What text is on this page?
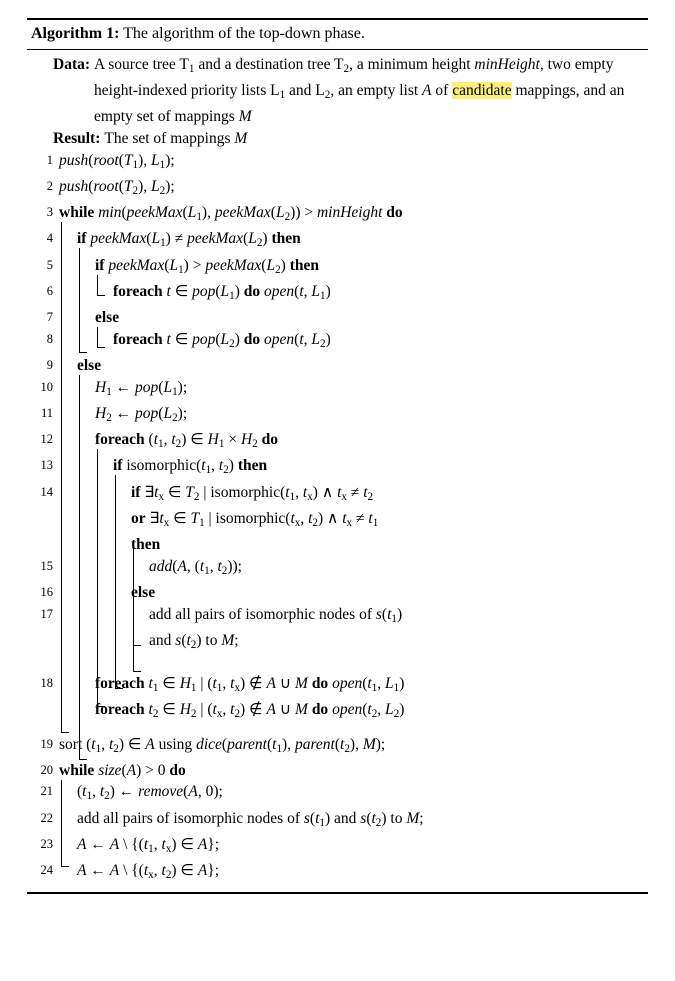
Algorithm 1: The algorithm of the top-down phase.
Data: A source tree $T_1$ and a destination tree $T_2$, a minimum height minHeight, two empty height-indexed priority lists $L_1$ and $L_2$, an empty list A of candidate mappings, and an empty set of mappings M
Result: The set of mappings M
1 $push(root(T_1)$, $L_1$);
2 $push(root(T_2)$, $L_2$);
3 while $\min(peekMax(L_1)$, $peekMax(L_2)$) > minHeight do
4	if $peekMax(L_1)$ ≠ $peekMax(L_2)$ then
5	if $peekMax(L_1)$ > $peekMax(L_2)$ then
6	foreach t ∈ $pop(L_1)$ do open(t, $L_1$)
7	else
8	foreach t ∈ $pop(L_2)$ do open(t, $L_2$)
9	else
10	$H_1$ ← $pop(L_1)$;
11	$H_2$ ← $pop(L_2)$;
12	foreach ($t_1$, $t_2$) ∈ $H_1 \times H_2$ do
13	if $isomorphic(t_1$, $t_2$) then
14	if $\exists t_x$ ∈ $T_2$ | $isomorphic(t_1$, $t_x$) ∧ $t_x \ne t_2$
or $\exists t_x$ ∈ $T_1$ | $isomorphic(t_x$, $t_2$) ∧ $t_x \ne t_1$
then
15	add(A, ($t_1$, $t_2$));
16	else
17	add all pairs of isomorphic nodes of $s(t_1)$
and $s(t_2)$ to M;
18	foreach $t_1$ ∈ $H_1$ | ($t_1$, $t_x$) ∉ A ∪ M do $open(t_1$, $L_1$)
foreach $t_2$ ∈ $H_2$ | ($t_x$, $t_2$) ∉ A ∪ M do $open(t_2$, $L_2$)
19 sort ($t_1$, $t_2$) ∈ A using $dice(parent(t_1)$, $parent(t_2)$, M);
20 while size(A) > 0 do
21	($t_1$, $t_2$) ← remove(A, 0);
22	add all pairs of isomorphic nodes of $s(t_1)$ and $s(t_2)$ to M;
23	A ← A \ {($t_1$, $t_x$) ∈ A};
24	A ← A \ {($t_x$, $t_2$) ∈ A};
